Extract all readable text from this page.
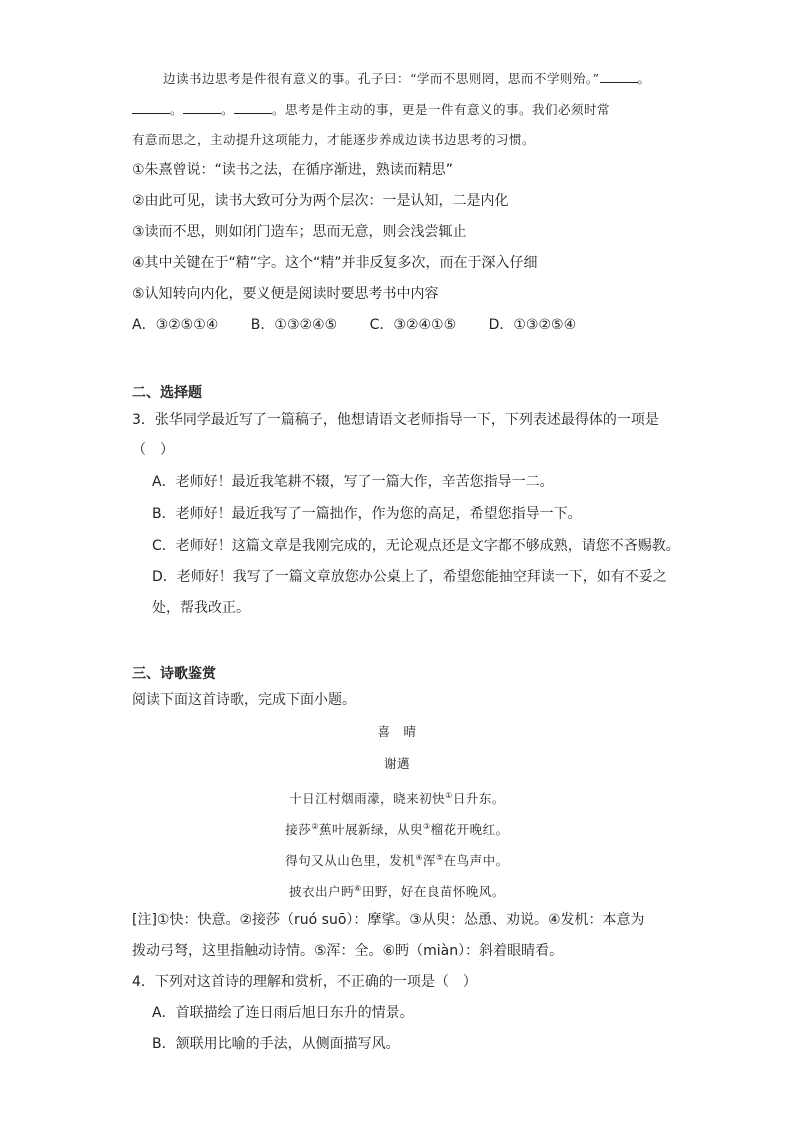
边读书边思考是件很有意义的事。孔子曰：“学而不思则罔，思而不学则殆。”	。
。	。	。思考是件主动的事，更是一件有意义的事。我们必须时常
有意而思之，主动提升这项能力，才能逐步养成边读书边思考的习惯。
①朱熹曾说：“读书之法，在循序渐进，熟读而精思”
②由此可见，读书大致可分为两个层次：一是认知，二是内化
③读而不思，则如闭门造车；思而无意，则会浅尝辄止
④其中关键在于“精”字。这个“精”并非反复多次，而在于深入仔细
⑤认知转向内化，要义便是阅读时要思考书中内容
A．③②⑤①④ B．①③②④⑤ C．③②④①⑤ D．①③②⑤④
二、选择题
3．张华同学最近写了一篇稿子，他想请语文老师指导一下，下列表述最得体的一项是
（　）
A．老师好！最近我笔耕不辍，写了一篇大作，辛苦您指导一二。
B．老师好！最近我写了一篇拙作，作为您的高足，希望您指导一下。
C．老师好！这篇文章是我刚完成的，无论观点还是文字都不够成熟，请您不吝赐教。
D．老师好！我写了一篇文章放您办公桌上了，希望您能抽空拜读一下，如有不妥之
处，帮我改正。
三、诗歌鉴赏
阅读下面这首诗歌，完成下面小题。
喜　晴
谢邁
十日江村烟雨濛，晓来初快①日升东。
接莎②蕉叶展新绿，从臾③榴花开晚红。
得句又从山色里，发机④浑⑤在鸟声中。
披衣出户眄⑥田野，好在良苗怀晚风。
[注]①快：快意。②接莎（ruó suō）：摩挲。③从臾：怂恿、劝说。④发机：本意为
拨动弓弩，这里指触动诗情。⑤浑：全。⑥眄（miàn）：斜着眼睛看。
4．下列对这首诗的理解和赏析，不正确的一项是（　）
A．首联描绘了连日雨后旭日东升的情景。
B．颔联用比喻的手法，从侧面描写风。
